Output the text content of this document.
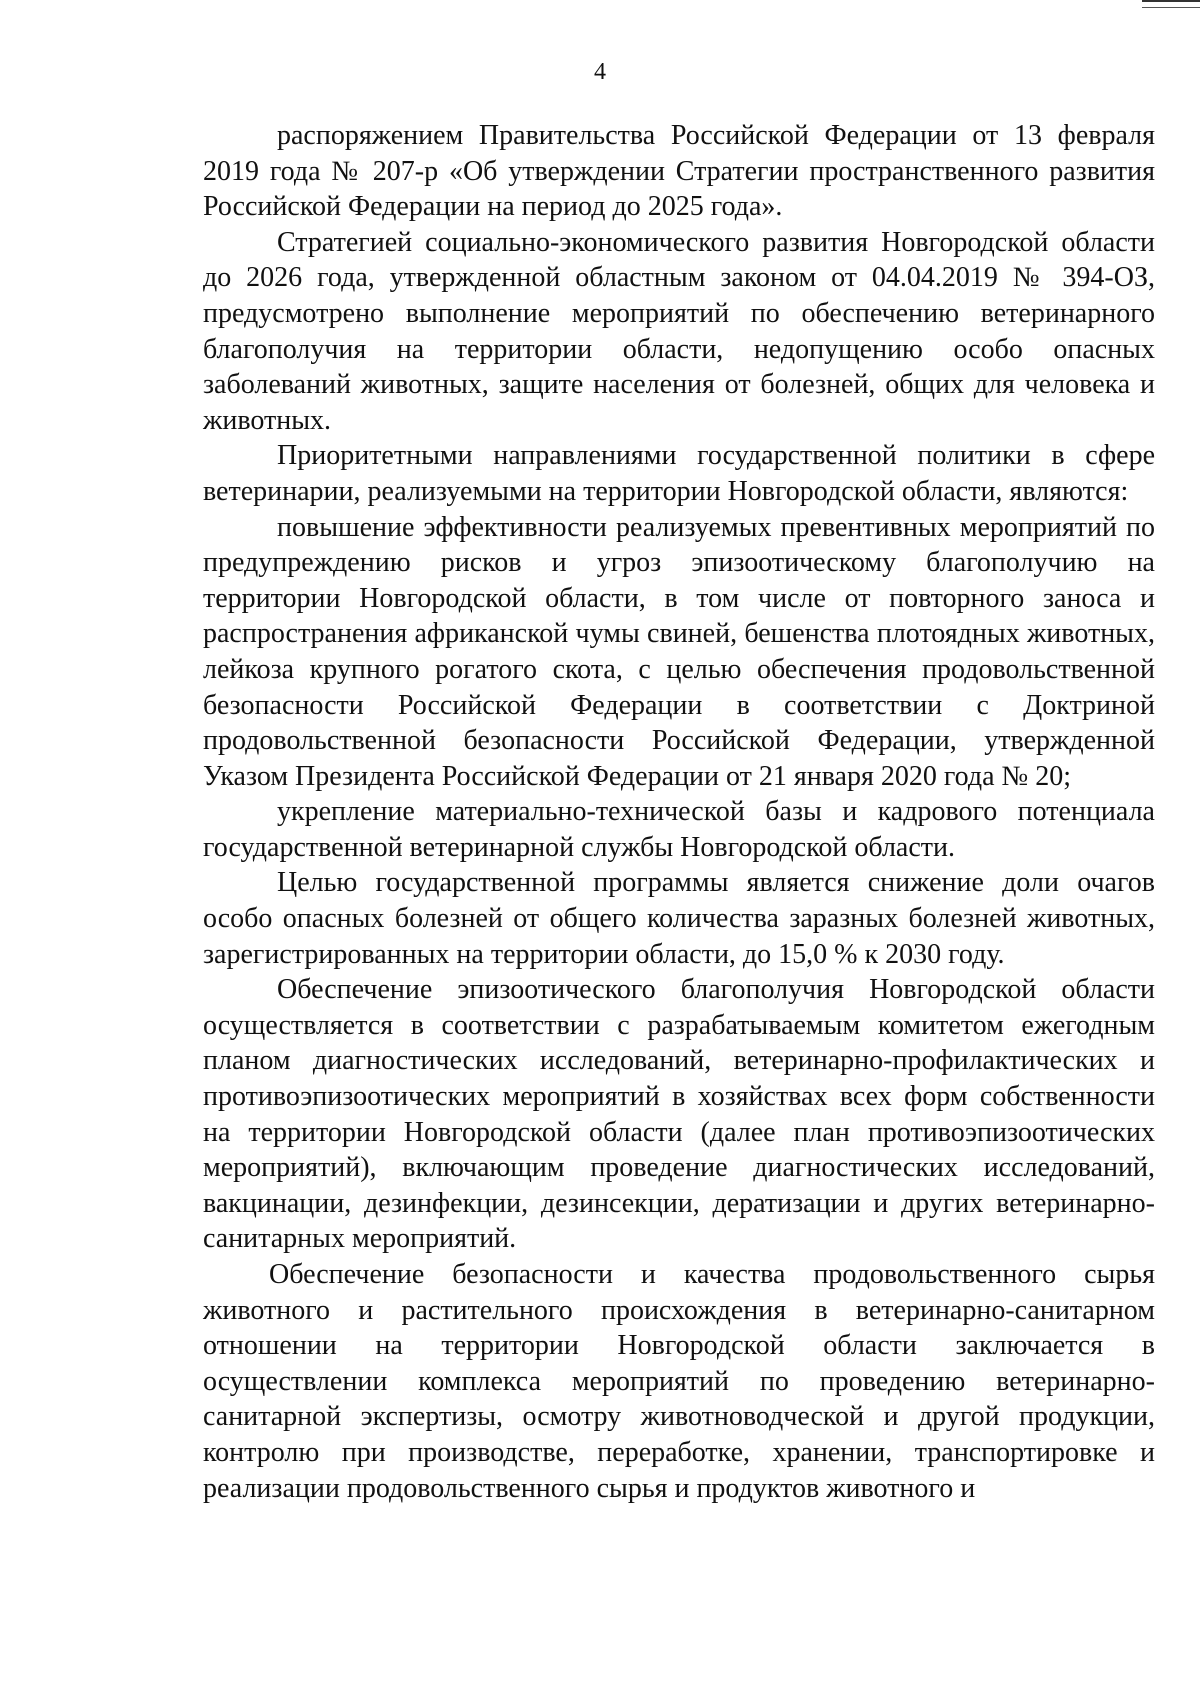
4

распоряжением Правительства Российской Федерации от 13 февраля 2019 года № 207-р «Об утверждении Стратегии пространственного развития Российской Федерации на период до 2025 года».

Стратегией социально-экономического развития Новгородской области до 2026 года, утвержденной областным законом от 04.04.2019 № 394-ОЗ, предусмотрено выполнение мероприятий по обеспечению ветеринарного благополучия на территории области, недопущению особо опасных заболеваний животных, защите населения от болезней, общих для человека и животных.

Приоритетными направлениями государственной политики в сфере ветеринарии, реализуемыми на территории Новгородской области, являются:

повышение эффективности реализуемых превентивных мероприятий по предупреждению рисков и угроз эпизоотическому благополучию на территории Новгородской области, в том числе от повторного заноса и распространения африканской чумы свиней, бешенства плотоядных животных, лейкоза крупного рогатого скота, с целью обеспечения продовольственной безопасности Российской Федерации в соответствии с Доктриной продовольственной безопасности Российской Федерации, утвержденной Указом Президента Российской Федерации от 21 января 2020 года № 20;

укрепление материально-технической базы и кадрового потенциала государственной ветеринарной службы Новгородской области.

Целью государственной программы является снижение доли очагов особо опасных болезней от общего количества заразных болезней животных, зарегистрированных на территории области, до 15,0 % к 2030 году.

Обеспечение эпизоотического благополучия Новгородской области осуществляется в соответствии с разрабатываемым комитетом ежегодным планом диагностических исследований, ветеринарно-профилактических и противоэпизоотических мероприятий в хозяйствах всех форм собственности на территории Новгородской области (далее план противоэпизоотических мероприятий), включающим проведение диагностических исследований, вакцинации, дезинфекции, дезинсекции, дератизации и других ветеринарно-санитарных мероприятий.

Обеспечение безопасности и качества продовольственного сырья животного и растительного происхождения в ветеринарно-санитарном отношении на территории Новгородской области заключается в осуществлении комплекса мероприятий по проведению ветеринарно-санитарной экспертизы, осмотру животноводческой и другой продукции, контролю при производстве, переработке, хранении, транспортировке и реализации продовольственного сырья и продуктов животного и
